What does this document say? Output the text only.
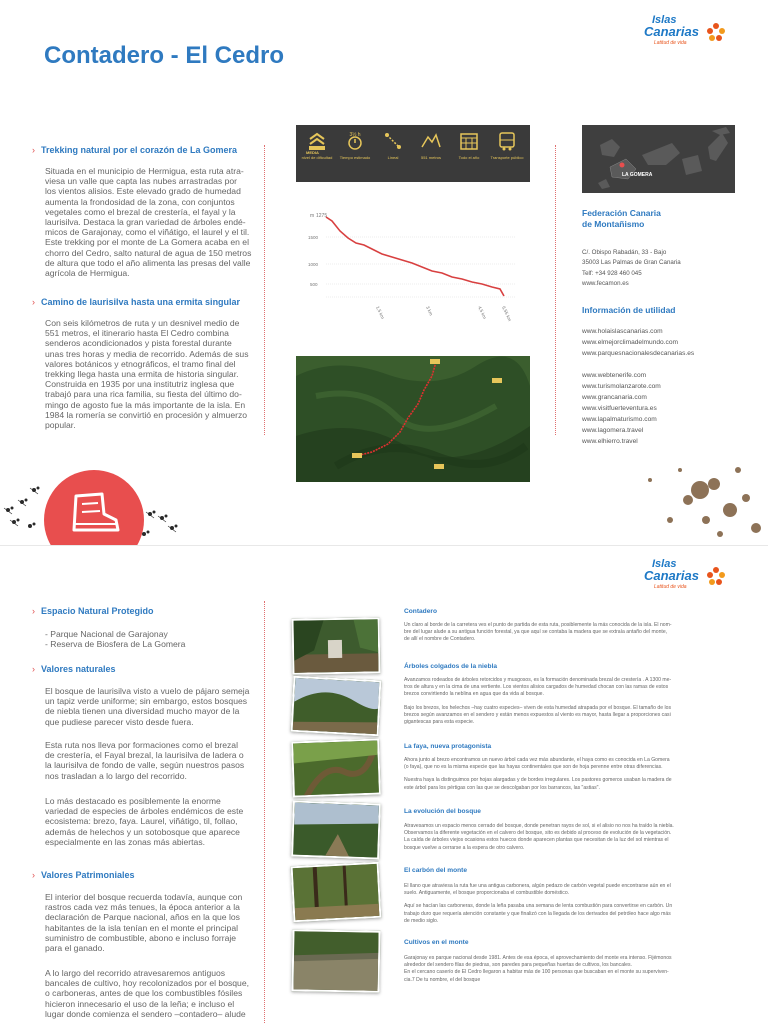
Contadero - El Cedro
Islas
Canarias
Latitud de vida
› Trekking natural por el corazón de La Gomera
Situada en el municipio de Hermigua, esta ruta atra-
viesa un valle que capta las nubes arrastradas por
los vientos alisios. Este elevado grado de humedad
aumenta la frondosidad de la zona, con conjuntos
vegetales como el brezal de crestería, el fayal y la
laurisilva. Destaca la gran variedad de árboles endé-
micos de Garajonay, como el viñátigo, el laurel y el til.
Este trekking por el monte de La Gomera acaba en el
chorro del Cedro, salto natural de agua de 150 metros
de altura que todo el año alimenta las presas del valle
agrícola de Hermigua.
› Camino de laurisilva hasta una ermita singular
Con seis kilómetros de ruta y un desnivel medio de
551 metros, el itinerario hasta El Cedro combina
senderos acondicionados y pista forestal durante
unas tres horas y media de recorrido. Además de sus
valores botánicos y etnográficos, el tramo final del
trekking llega hasta una ermita de historia singular.
Construida en 1935 por una institutriz inglesa que
trabajó para una rica familia, su fiesta del último do-
mingo de agosto fue la más importante de la isla. En
1984 la romería se convirtió en procesión y almuerzo
popular.
nivel de dificultad
3½ h
Tiempo estimado	Lineal	551 metros	Todo el año	Transporte público
MEDIA
m 1275
1500
1000
500
1,5 km	3 km	4,5 km	6,55 km
LA GOMERA
Federación Canaria
de Montañismo
C/. Obispo Rabadán, 33 - Bajo
35003 Las Palmas de Gran Canaria
Telf: +34 928 460 045
www.fecamon.es
Información de utilidad
www.holaislascanarias.com
www.elmejorclimadelmundo.com
www.parquesnacionalesdecanarias.es
www.webtenerife.com
www.turismolanzarote.com
www.grancanaria.com
www.visitfuerteventura.es
www.lapalmaturismo.com
www.lagomera.travel
www.elhierro.travel
Islas
Canarias
Latitud de vida
› Espacio Natural Protegido
- Parque Nacional de Garajonay
- Reserva de Biosfera de La Gomera
› Valores naturales
El bosque de laurisilva visto a vuelo de pájaro semeja
un tapiz verde uniforme; sin embargo, estos bosques
de niebla tienen una diversidad mucho mayor de la
que pudiese parecer visto desde fuera.
Esta ruta nos lleva por formaciones como el brezal
de crestería, el Fayal brezal, la laurisilva de ladera o
la laurisilva de fondo de valle, según nuestros pasos
nos trasladan a lo largo del recorrido.
Lo más destacado es posiblemente la enorme
variedad de especies de árboles endémicos de este
ecosistema: brezo, faya. Laurel, viñátigo, til, follao,
además de helechos y un sotobosque que aparece
especialmente en las zonas más abiertas.
› Valores Patrimoniales
El interior del bosque recuerda todavía, aunque con
rastros cada vez más tenues, la época anterior a la
declaración de Parque nacional, años en la que los
habitantes de la isla tenían en el monte el principal
suministro de combustible, abono e incluso forraje
para el ganado.
A lo largo del recorrido atravesaremos antiguos
bancales de cultivo, hoy recolonizados por el bosque,
o carboneras, antes de que los combustibles fósiles
hicieron innecesario el uso de la leña; e incluso el
lugar donde comienza el sendero –contadero– alude
Contadero
Un claro al borde de la carretera ves el punto de partida de esta ruta, posiblemente la más conocida de la isla. El nom-
bre del lugar alude a su antigua función forestal, ya que aquí se contaba la madera que se extraía antaño del monte,
de allí el nombre de Contadero.
Árboles colgados de la niebla
Avanzamos rodeados de árboles retorcidos y musgosos, es la formación denominada brezal de crestería . A 1300 me-
tros de altura y en la cima de una vertiente. Los vientos alisios cargados de humedad chocan con las ramas de estos
brezos convirtiendo la neblina en agua que da vida al bosque.
Bajo los brezos, los helechos –hay cuatro especies– viven de esta humedad atrapada por el bosque. El tamaño de los
brezos según avanzamos en el sendero y están menos expuestos al viento es mayor, hasta llegar a proporciones casi
gigantescas para esta especie.
La faya, nueva protagonista
Ahora junto al brezo encontramos un nuevo árbol cada vez más abundante, el haya como es conocida en La Gomera
(o faya), que no es la misma especie que las hayas continentales que son de hoja perenne entre otras diferencias.
Nuestra haya la distinguimos por hojas alargadas y de bordes irregulares. Los pastores gomeros usaban la madera de
este árbol para los pértigas con las que se descolgaban por los barrancos, las "astias".
La evolución del bosque
Atravesamos un espacio menos cerrado del bosque, donde penetran rayos de sol, si el alisio no nos ha traído la niebla.
Observamos la diferente vegetación en el calvero del bosque, sito es debido al proceso de evolución de la vegetación.
La caída de árboles viejos ocasiona estos huecos donde aparecen plantas que necesitan de la luz del sol mientras el
bosque vuelve a cerrarse a la espera de otro calvero.
El carbón del monte
El llano que atraviesa la ruta fue una antigua carbonera, algún pedazo de carbón vegetal puede encontrarse aún en el
suelo. Antiguamente, el bosque proporcionaba el combustible doméstico.
Aquí se hacían las carboneras, donde la leña pasaba una semana de lenta combustión para convertirse en carbón. Un
trabajo duro que requería atención constante y que finalizó con la llegada de los derivados del petróleo hace algo más
de medio siglo.
Cultivos en el monte
Garajonay es parque nacional desde 1981. Antes de esa época, el aprovechamiento del monte era intenso. Fijémonos
alrededor del sendero filas de piedras, son paredes para pequeñas huertas de cultivos, los bancales.
En el cercano caserío de El Cedro llegaron a habitar más de 100 personas que buscaban en el monte su superviven-
cia.7 De tu nombre, el del bosque
